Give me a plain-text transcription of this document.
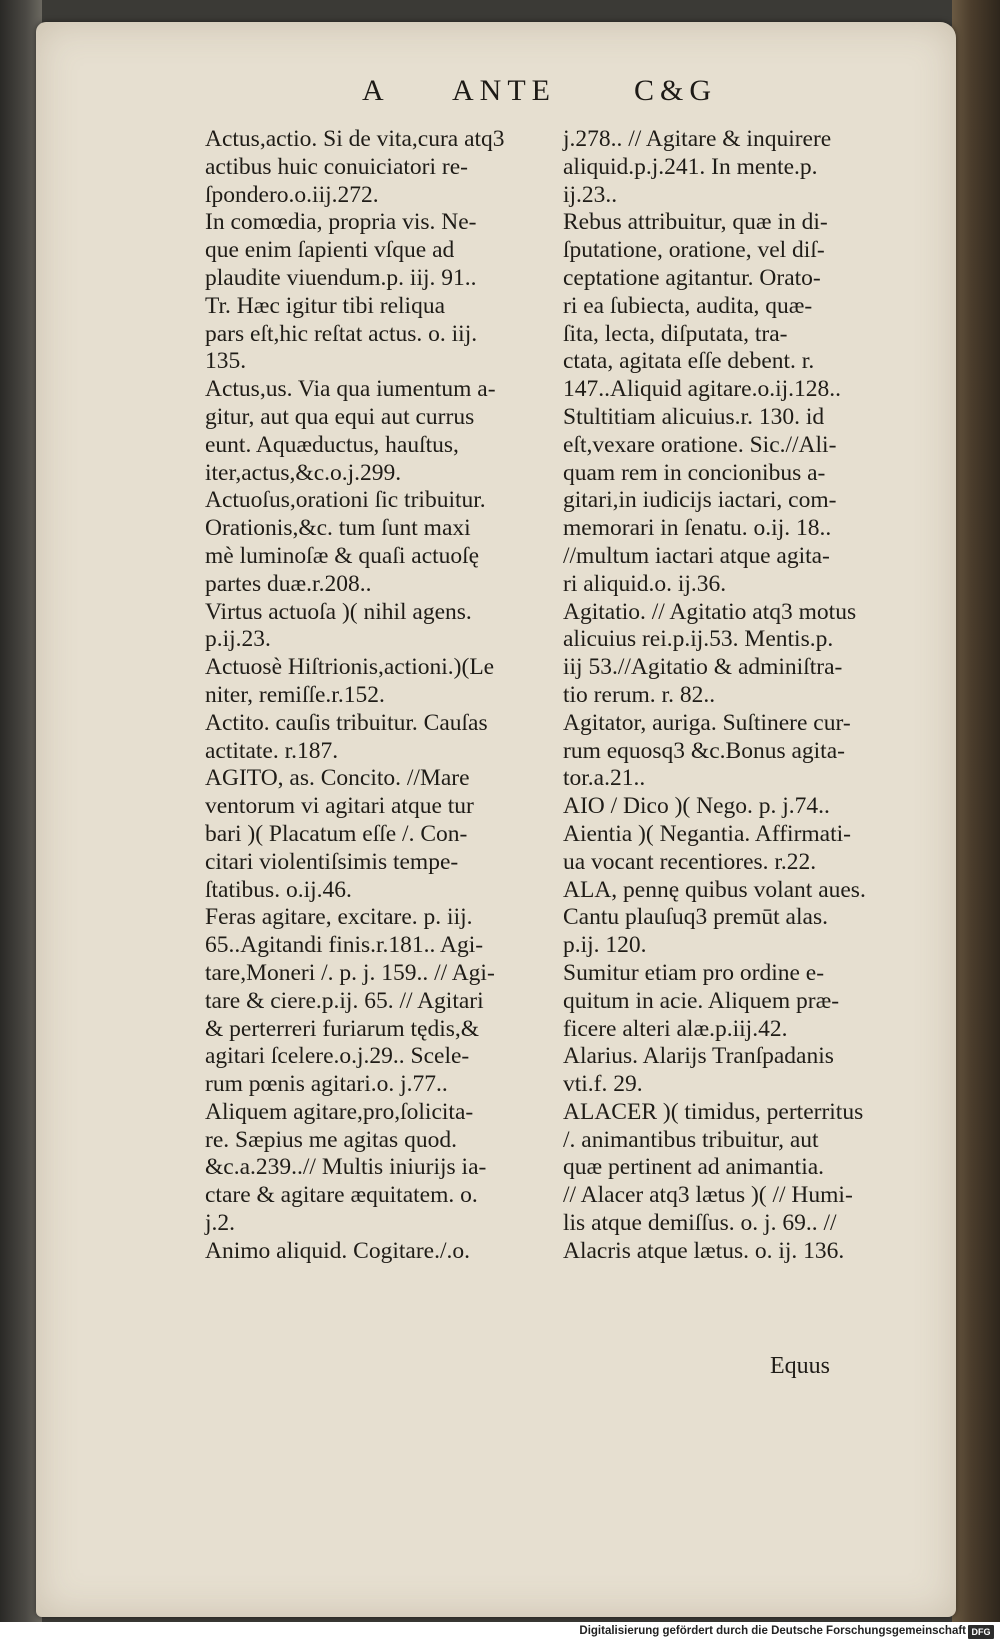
A ANTE	C&G
Actus,actio. Si de vita,cura atq3
actibus huic conuiciatori re-
ſpondero.o.iij.272.
In comœdia, propria vis. Ne-
que enim ſapienti vſque ad
plaudite viuendum.p. iij. 91..
Tr. Hæc igitur tibi reliqua
pars eſt,hic reſtat actus. o. iij.
135.
Actus,us. Via qua iumentum a-
gitur, aut qua equi aut currus
eunt. Aquæductus, hauſtus,
iter,actus,&c.o.j.299.
Actuoſus,orationi ſic tribuitur.
Orationis,&c. tum ſunt maxi
mè luminoſæ & quaſi actuoſę
partes duæ.r.208..
Virtus actuoſa )( nihil agens.
p.ij.23.
Actuosè Hiſtrionis,actioni.)(Le
niter, remiſſe.r.152.
Actito. cauſis tribuitur. Cauſas
actitate. r.187.
AGITO, as. Concito. //Mare
ventorum vi agitari atque tur
bari )( Placatum eſſe /. Con-
citari violentiſsimis tempe-
ſtatibus. o.ij.46.
Feras agitare, excitare. p. iij.
65..Agitandi finis.r.181.. Agi-
tare,Moneri /. p. j. 159.. // Agi-
tare & ciere.p.ij. 65. // Agitari
& perterreri furiarum tędis,&
agitari ſcelere.o.j.29.. Scele-
rum pœnis agitari.o. j.77..
Aliquem agitare,pro,ſolicita-
re. Sæpius me agitas quod.
&c.a.239..// Multis iniurijs ia-
ctare & agitare æquitatem. o.
j.2.
Animo aliquid. Cogitare./.o.
j.278.. // Agitare & inquirere
aliquid.p.j.241. In mente.p.
ij.23..
Rebus attribuitur, quæ in di-
ſputatione, oratione, vel diſ-
ceptatione agitantur. Orato-
ri ea ſubiecta, audita, quæ-
ſita, lecta, diſputata, tra-
ctata, agitata eſſe debent. r.
147..Aliquid agitare.o.ij.128..
Stultitiam alicuius.r. 130. id
eſt,vexare oratione. Sic.//Ali-
quam rem in concionibus a-
gitari,in iudicijs iactari, com-
memorari in ſenatu. o.ij. 18..
//multum iactari atque agita-
ri aliquid.o. ij.36.
Agitatio. // Agitatio atq3 motus
alicuius rei.p.ij.53. Mentis.p.
iij 53.//Agitatio & adminiſtra-
tio rerum. r. 82..
Agitator, auriga. Suſtinere cur-
rum equosq3 &c.Bonus agita-
tor.a.21..
AIO / Dico )( Nego. p. j.74..
Aientia )( Negantia. Affirmati-
ua vocant recentiores. r.22.
ALA, pennę quibus volant aues.
Cantu plauſuq3 premūt alas.
p.ij. 120.
Sumitur etiam pro ordine e-
quitum in acie. Aliquem præ-
ficere alteri alæ.p.iij.42.
Alarius. Alarijs Tranſpadanis
vti.f. 29.
ALACER )( timidus, perterritus
/. animantibus tribuitur, aut
quæ pertinent ad animantia.
// Alacer atq3 lætus )( // Humi-
lis atque demiſſus. o. j. 69.. //
Alacris atque lætus. o. ij. 136.
Equus
Digitalisierung gefördert durch die Deutsche Forschungsgemeinschaft DFG
